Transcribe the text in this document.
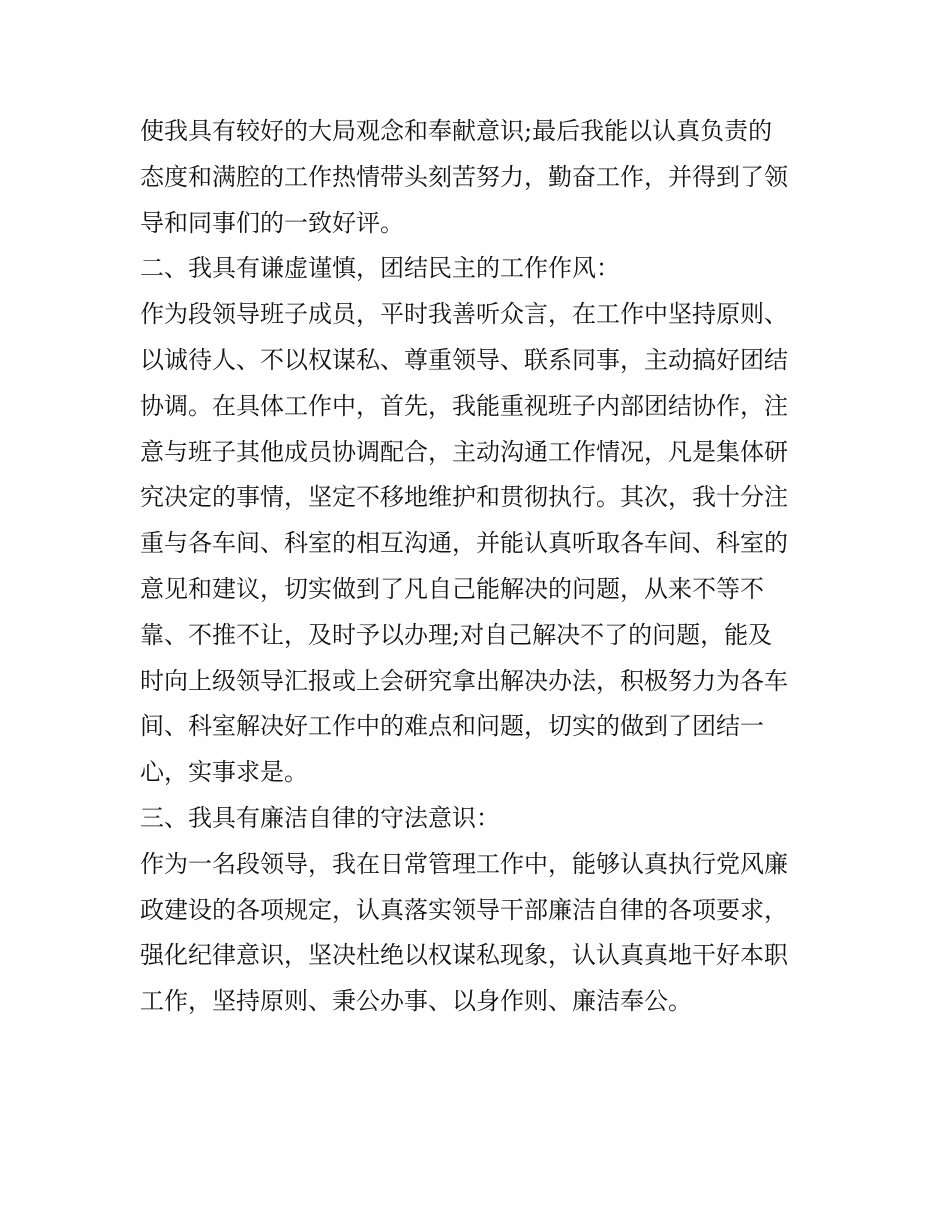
使我具有较好的大局观念和奉献意识;最后我能以认真负责的
态度和满腔的工作热情带头刻苦努力，勤奋工作，并得到了领
导和同事们的一致好评。
二、我具有谦虚谨慎，团结民主的工作作风：
作为段领导班子成员，平时我善听众言，在工作中坚持原则、
以诚待人、不以权谋私、尊重领导、联系同事，主动搞好团结
协调。在具体工作中，首先，我能重视班子内部团结协作，注
意与班子其他成员协调配合，主动沟通工作情况，凡是集体研
究决定的事情，坚定不移地维护和贯彻执行。其次，我十分注
重与各车间、科室的相互沟通，并能认真听取各车间、科室的
意见和建议，切实做到了凡自己能解决的问题，从来不等不
靠、不推不让，及时予以办理;对自己解决不了的问题，能及
时向上级领导汇报或上会研究拿出解决办法，积极努力为各车
间、科室解决好工作中的难点和问题，切实的做到了团结一
心，实事求是。
三、我具有廉洁自律的守法意识：
作为一名段领导，我在日常管理工作中，能够认真执行党风廉
政建设的各项规定，认真落实领导干部廉洁自律的各项要求，
强化纪律意识，坚决杜绝以权谋私现象，认认真真地干好本职
工作，坚持原则、秉公办事、以身作则、廉洁奉公。
